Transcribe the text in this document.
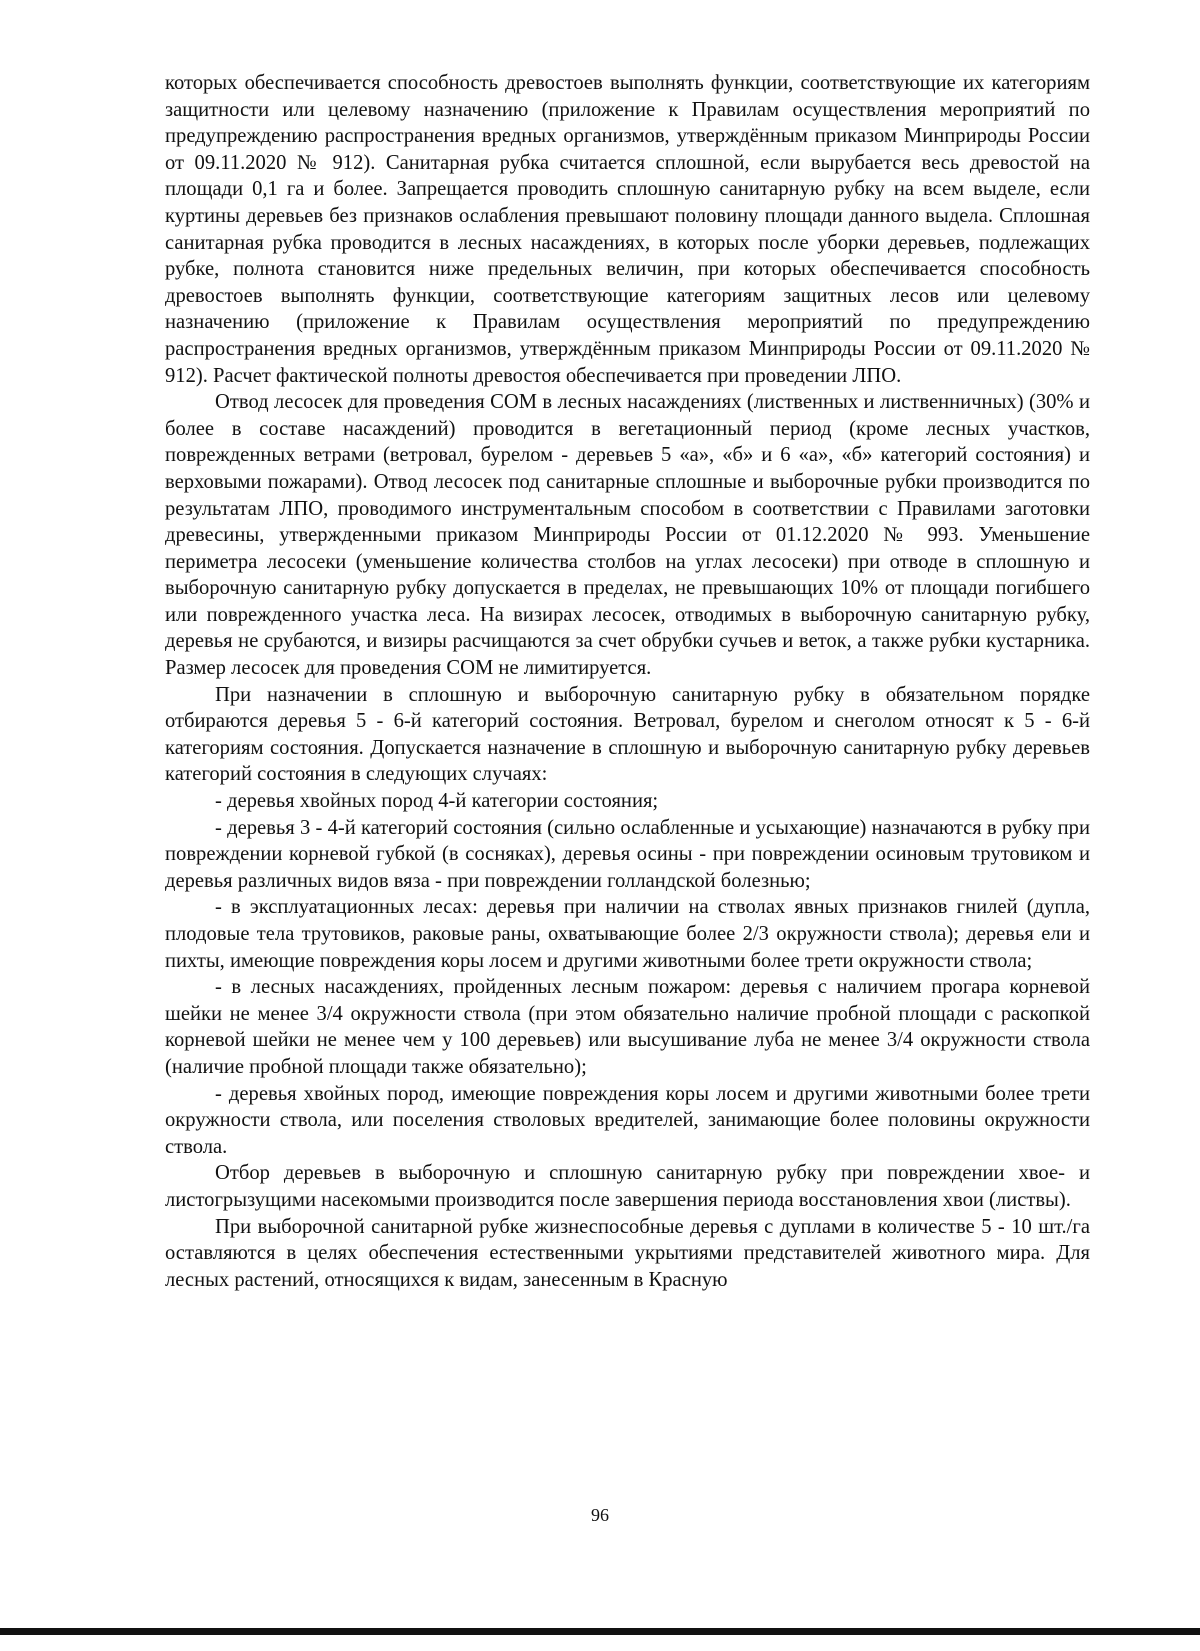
которых обеспечивается способность древостоев выполнять функции, соответствующие их категориям защитности или целевому назначению (приложение к Правилам осуществления мероприятий по предупреждению распространения вредных организмов, утверждённым приказом Минприроды России от 09.11.2020 № 912). Санитарная рубка считается сплошной, если вырубается весь древостой на площади 0,1 га и более. Запрещается проводить сплошную санитарную рубку на всем выделе, если куртины деревьев без признаков ослабления превышают половину площади данного выдела. Сплошная санитарная рубка проводится в лесных насаждениях, в которых после уборки деревьев, подлежащих рубке, полнота становится ниже предельных величин, при которых обеспечивается способность древостоев выполнять функции, соответствующие категориям защитных лесов или целевому назначению (приложение к Правилам осуществления мероприятий по предупреждению распространения вредных организмов, утверждённым приказом Минприроды России от 09.11.2020 № 912). Расчет фактической полноты древостоя обеспечивается при проведении ЛПО.

Отвод лесосек для проведения СОМ в лесных насаждениях (лиственных и лиственничных) (30% и более в составе насаждений) проводится в вегетационный период (кроме лесных участков, поврежденных ветрами (ветровал, бурелом - деревьев 5 «а», «б» и 6 «а», «б» категорий состояния) и верховыми пожарами). Отвод лесосек под санитарные сплошные и выборочные рубки производится по результатам ЛПО, проводимого инструментальным способом в соответствии с Правилами заготовки древесины, утвержденными приказом Минприроды России от 01.12.2020 № 993. Уменьшение периметра лесосеки (уменьшение количества столбов на углах лесосеки) при отводе в сплошную и выборочную санитарную рубку допускается в пределах, не превышающих 10% от площади погибшего или поврежденного участка леса. На визирах лесосек, отводимых в выборочную санитарную рубку, деревья не срубаются, и визиры расчищаются за счет обрубки сучьев и веток, а также рубки кустарника. Размер лесосек для проведения СОМ не лимитируется.

При назначении в сплошную и выборочную санитарную рубку в обязательном порядке отбираются деревья 5 - 6-й категорий состояния. Ветровал, бурелом и снеголом относят к 5 - 6-й категориям состояния. Допускается назначение в сплошную и выборочную санитарную рубку деревьев категорий состояния в следующих случаях:

- деревья хвойных пород 4-й категории состояния;

- деревья 3 - 4-й категорий состояния (сильно ослабленные и усыхающие) назначаются в рубку при повреждении корневой губкой (в сосняках), деревья осины - при повреждении осиновым трутовиком и деревья различных видов вяза - при повреждении голландской болезнью;

- в эксплуатационных лесах: деревья при наличии на стволах явных признаков гнилей (дупла, плодовые тела трутовиков, раковые раны, охватывающие более 2/3 окружности ствола); деревья ели и пихты, имеющие повреждения коры лосем и другими животными более трети окружности ствола;

- в лесных насаждениях, пройденных лесным пожаром: деревья с наличием прогара корневой шейки не менее 3/4 окружности ствола (при этом обязательно наличие пробной площади с раскопкой корневой шейки не менее чем у 100 деревьев) или высушивание луба не менее 3/4 окружности ствола (наличие пробной площади также обязательно);

- деревья хвойных пород, имеющие повреждения коры лосем и другими животными более трети окружности ствола, или поселения стволовых вредителей, занимающие более половины окружности ствола.

Отбор деревьев в выборочную и сплошную санитарную рубку при повреждении хвое- и листогрызущими насекомыми производится после завершения периода восстановления хвои (листвы).

При выборочной санитарной рубке жизнеспособные деревья с дуплами в количестве 5 - 10 шт./га оставляются в целях обеспечения естественными укрытиями представителей животного мира. Для лесных растений, относящихся к видам, занесенным в Красную

96
